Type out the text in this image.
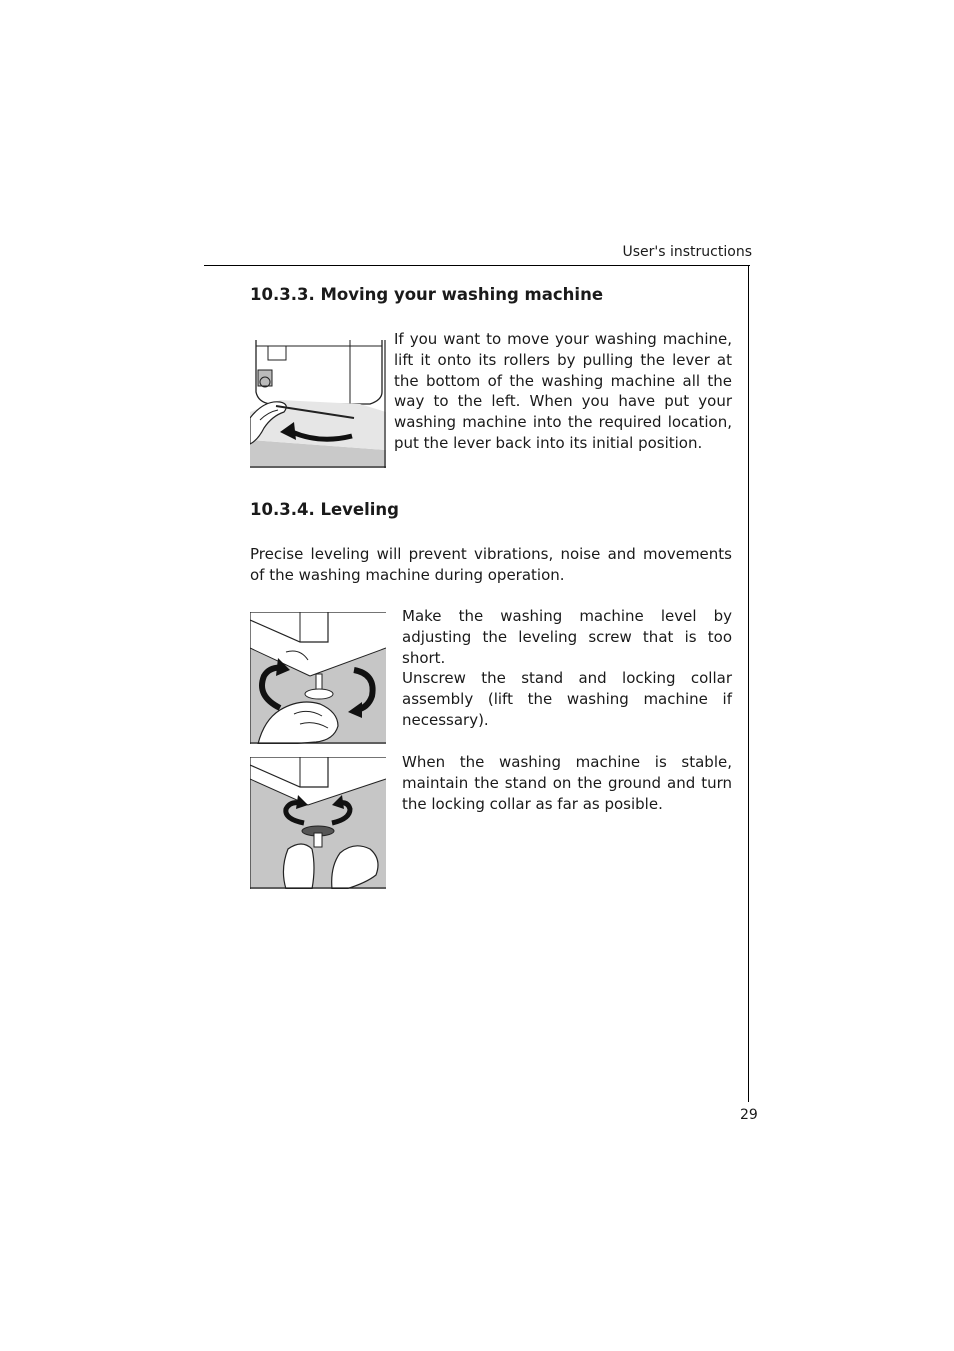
User's instructions
29
10.3.3. Moving your washing machine

If you want to move your washing machine, lift it onto its rollers by pulling the lever at the bottom of the washing machine all the way to the left. When you have put your washing machine into the required location, put the lever back into its initial position.

10.3.4. Leveling

Precise leveling will prevent vibrations, noise and movements of the washing machine during operation.

Make the washing machine level by adjusting the leveling screw that is too short.
Unscrew the stand and locking collar assembly (lift the washing machine if necessary).

When the washing machine is stable, maintain the stand on the ground and turn the locking collar as far as posible.
